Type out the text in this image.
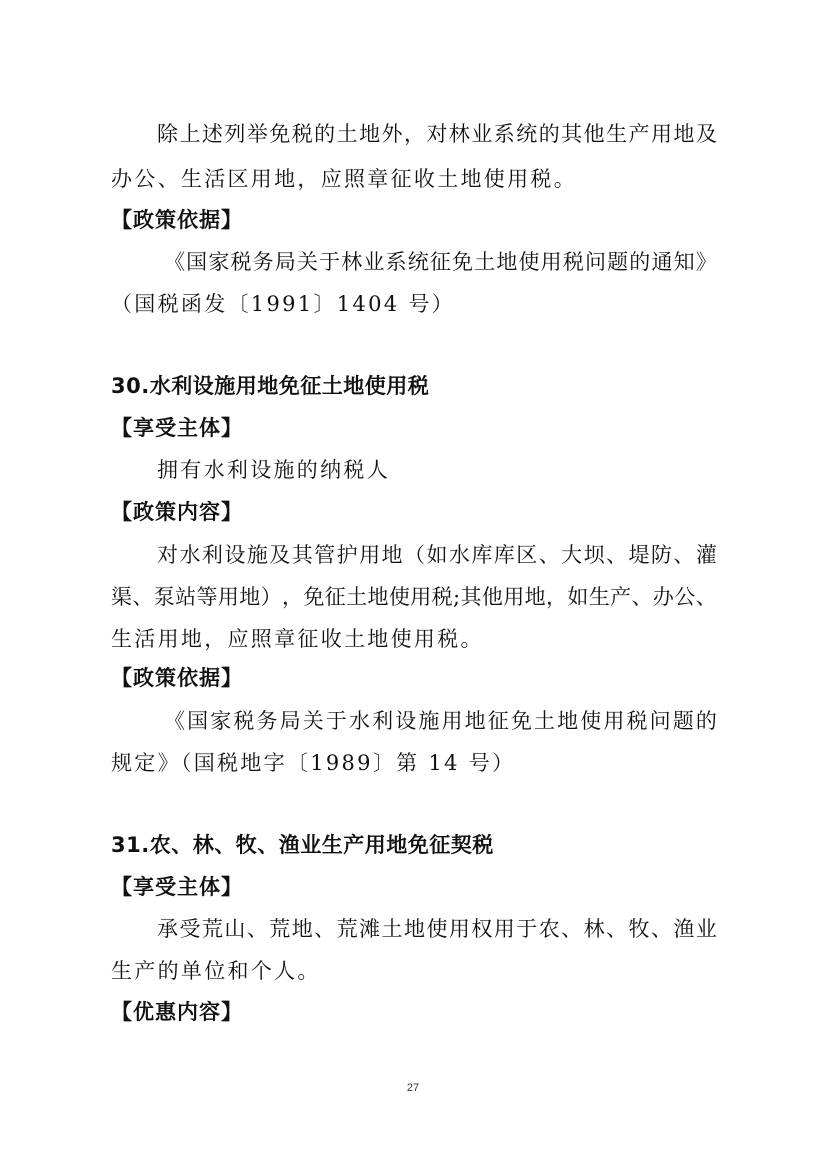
除 上 述 列 举 免 税 的 土 地 外 ， 对 林 业 系 统 的 其 他 生 产 用 地 及
办公、生活区用地，应照章征收土地使用税。
【政策依据】
《 国 家 税 务 局 关 于 林 业 系 统 征 免 土 地 使 用 税 问 题 的 通 知 》
（国税函发〔1991〕1404 号）
30.水利设施用地免征土地使用税
【享受主体】
拥有水利设施的纳税人
【政策内容】
对 水 利 设 施 及 其 管 护 用 地 （ 如 水 库 库 区 、 大 坝 、 堤 防 、 灌
渠 、 泵 站 等 用 地 ） ， 免 征 土 地 使 用 税 ; 其 他 用 地 ， 如 生 产 、 办 公 、
生活用地，应照章征收土地使用税。
【政策依据】
《 国 家 税 务 局 关 于 水 利 设 施 用 地 征 免 土 地 使 用 税 问 题 的
规定》（国税地字〔1989〕第 14 号）
31.农、林、牧、渔业生产用地免征契税
【享受主体】
承 受 荒 山 、 荒 地 、 荒 滩 土 地 使 用 权 用 于 农 、 林 、 牧 、 渔 业
生产的单位和个人。
【优惠内容】
27
